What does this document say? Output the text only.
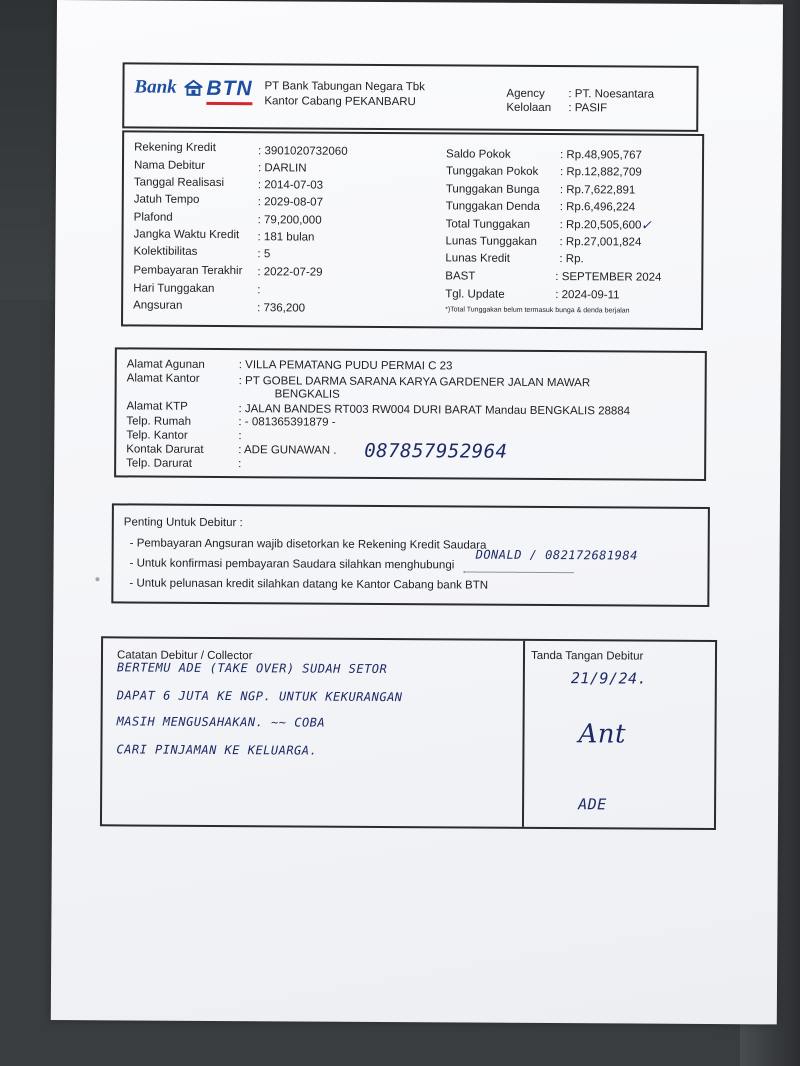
Bank BTN PT Bank Tabungan Negara Tbk
Kantor Cabang PEKANBARU
Agency : PT. Noesantara
Kelolaan : PASIF
Rekening Kredit	: 3901020732060
Nama Debitur	: DARLIN
Tanggal Realisasi	: 2014-07-03
Jatuh Tempo	: 2029-08-07
Plafond	: 79,200,000
Jangka Waktu Kredit : 181 bulan
Kolektibilitas	: 5
Pembayaran Terakhir : 2022-07-29
Hari Tunggakan	:
Angsuran	: 736,200
Saldo Pokok	: Rp.48,905,767
Tunggakan Pokok : Rp.12,882,709
Tunggakan Bunga : Rp.7,622,891
Tunggakan Denda : Rp.6,496,224
Total Tunggakan	: Rp.20,505,600 ✓
Lunas Tunggakan : Rp.27,001,824
Lunas Kredit	: Rp.
BAST	: SEPTEMBER 2024
Tgl. Update	: 2024-09-11
*)Total Tunggakan belum termasuk bunga & denda berjalan
Alamat Agunan	: VILLA PEMATANG PUDU PERMAI C 23
Alamat Kantor	: PT GOBEL DARMA SARANA KARYA GARDENER JALAN MAWAR
BENGKALIS
Alamat KTP	: JALAN BANDES RT003 RW004 DURI BARAT Mandau BENGKALIS 28884
Telp. Rumah	: - 081365391879 -
Telp. Kantor	:
Kontak Darurat	: ADE GUNAWAN . 087857952964
Telp. Darurat	:
Penting Untuk Debitur :
- Pembayaran Angsuran wajib disetorkan ke Rekening Kredit Saudara
- Untuk konfirmasi pembayaran Saudara silahkan menghubungi
DONALD / 082172681984
- Untuk pelunasan kredit silahkan datang ke Kantor Cabang bank BTN
Catatan Debitur / Collector
BERTEMU ADE (TAKE OVER) SUDAH SETOR
DAPAT 6 JUTA KE NGP. UNTUK KEKURANGAN
MASIH MENGUSAHAKAN. ~~ COBA
CARI PINJAMAN KE KELUARGA.
Tanda Tangan Debitur
21/9/24.
Ant
ADE
